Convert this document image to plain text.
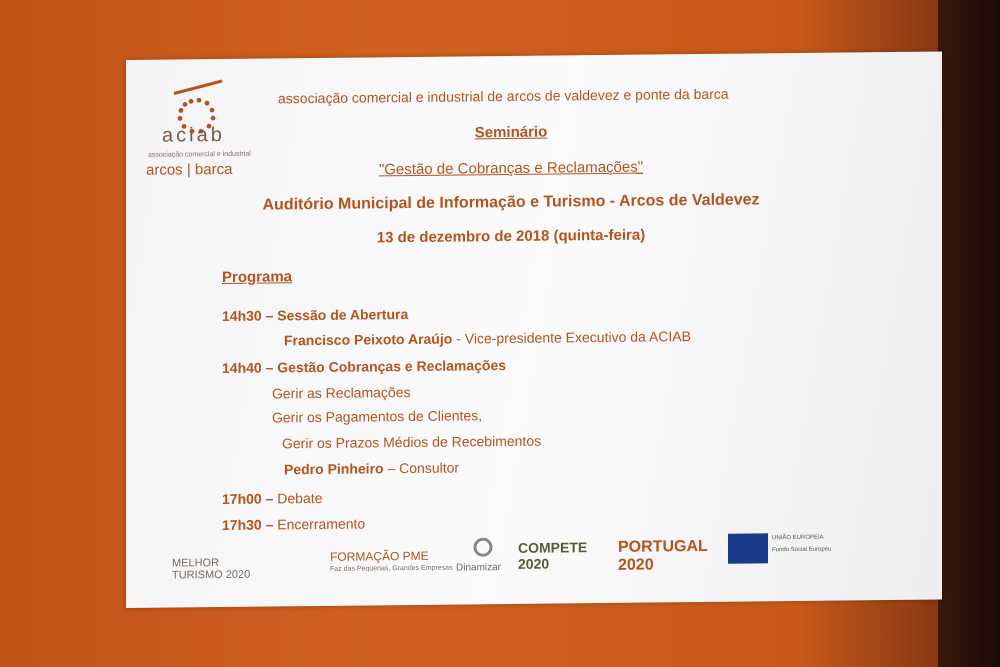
aciab
associação comercial e industrial
arcos | barca
associação comercial e industrial de arcos de valdevez e ponte da barca
Seminário
"Gestão de Cobranças e Reclamações"
Auditório Municipal de Informação e Turismo - Arcos de Valdevez
13 de dezembro de 2018 (quinta-feira)
Programa
14h30 – Sessão de Abertura
Francisco Peixoto Araújo - Vice-presidente Executivo da ACIAB
14h40 – Gestão Cobranças e Reclamações
Gerir as Reclamações
Gerir os Pagamentos de Clientes,
Gerir os Prazos Médios de Recebimentos
Pedro Pinheiro – Consultor
17h00 – Debate
17h30 – Encerramento
MELHOR TURISMO 2020
FORMAÇÃO PME
Faz das Pequenas, Grandes Empresas Dinamizar
COMPETE 2020
PORTUGAL 2020
UNIÃO EUROPEIA
Fundo Social Europeu
